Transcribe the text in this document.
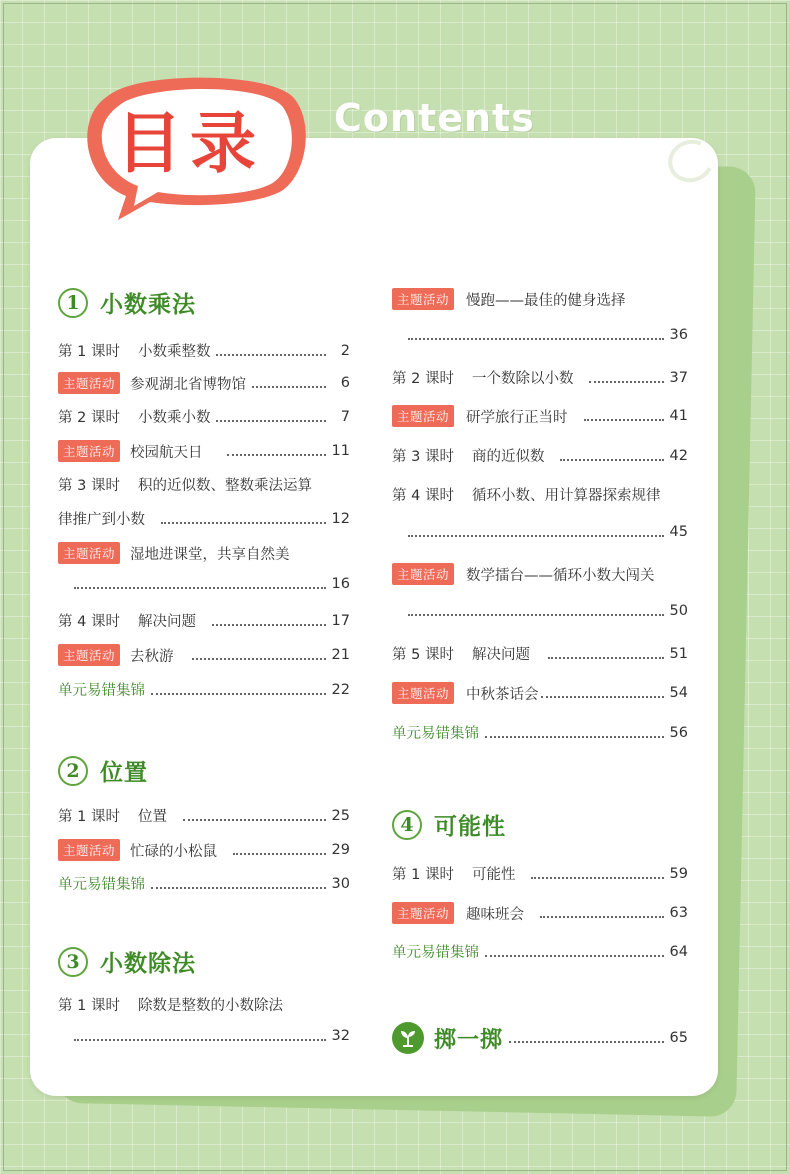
目录 Contents
1 小数乘法
第 1 课时 小数乘整数	2
主题活动	参观湖北省博物馆	6
第 2 课时 小数乘小数	7
主题活动	校园航天日	11
第 3 课时 积的近似数、整数乘法运算
律推广到小数	12
主题活动	湿地进课堂，共享自然美
16
第 4 课时 解决问题	17
主题活动	去秋游	21
单元易错集锦	22
2 位置
第 1 课时 位置	25
主题活动	忙碌的小松鼠	29
单元易错集锦	30
3 小数除法
第 1 课时 除数是整数的小数除法
32
主题活动	慢跑——最佳的健身选择
36
第 2 课时 一个数除以小数	37
主题活动	研学旅行正当时	41
第 3 课时 商的近似数	42
第 4 课时 循环小数、用计算器探索规律
45
主题活动	数学擂台——循环小数大闯关
50
第 5 课时 解决问题	51
主题活动	中秋茶话会	54
单元易错集锦	56
4 可能性
第 1 课时 可能性	59
主题活动	趣味班会	63
单元易错集锦	64
掷一掷	65
